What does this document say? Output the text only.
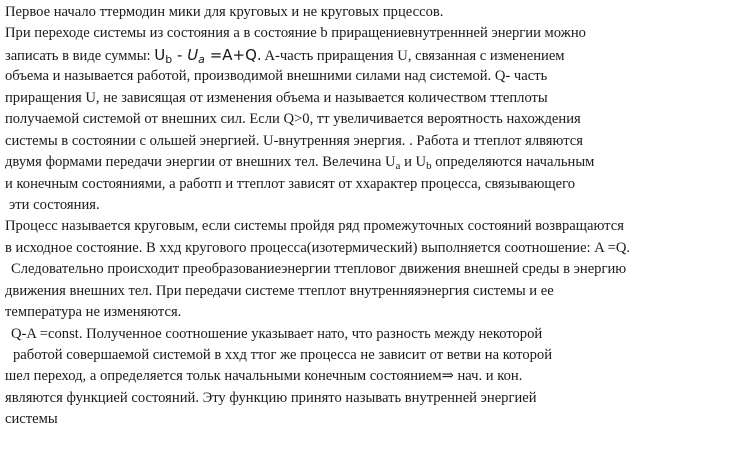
Первое начало ттермодин мики для круговых и не круговых прцессов.
При переходе системы из состояния a в состояние b приращениевнутреннней энергии можно
записать в виде суммы: $U_b - U_a =A+Q$. A-часть приращения U, связанная с изменением
объема и называется работой, производимой внешними силами над системой. Q- часть
приращения U, не зависящая от изменения объема и называется количеством ттеплоты
получаемой системой от внешних сил. Если Q>0, тт увеличивается вероятность нахождения
системы в состоянии с ольшей энергией. U-внутренняя энергия. . Работа и ттеплот ялвяются
двумя формами передачи энергии от внешних тел. Велечина $U_a$ и $U_b$ определяются начальным
и конечным состояниями, а работп и ттеплот зависят от ххарактер процесса, связывающего
эти состояния.
Процесс называется круговым, если системы пройдя ряд промежуточных состояний возвращаются
в исходное состояние. В ххд кругового процесса(изотермический) выполняется соотношение: A =Q.
Следовательно происходит преобразованиеэнергии ттепловог движения внешней среды в энергию
движения внешних тел. При передачи системе ттеплот внутренняяэнергия системы и ее
температура не изменяются.
Q-A =const. Полученное соотношение указывает нато, что разность между некоторой
работой совершаемой системой в ххд ттог же процесса не зависит от ветви на которой
шел переход, а определяется тольк начальными конечным состоянием⇒ нач. и кон.
являются функцией состояний. Эту функцию принято называть внутренней энергией
системы
